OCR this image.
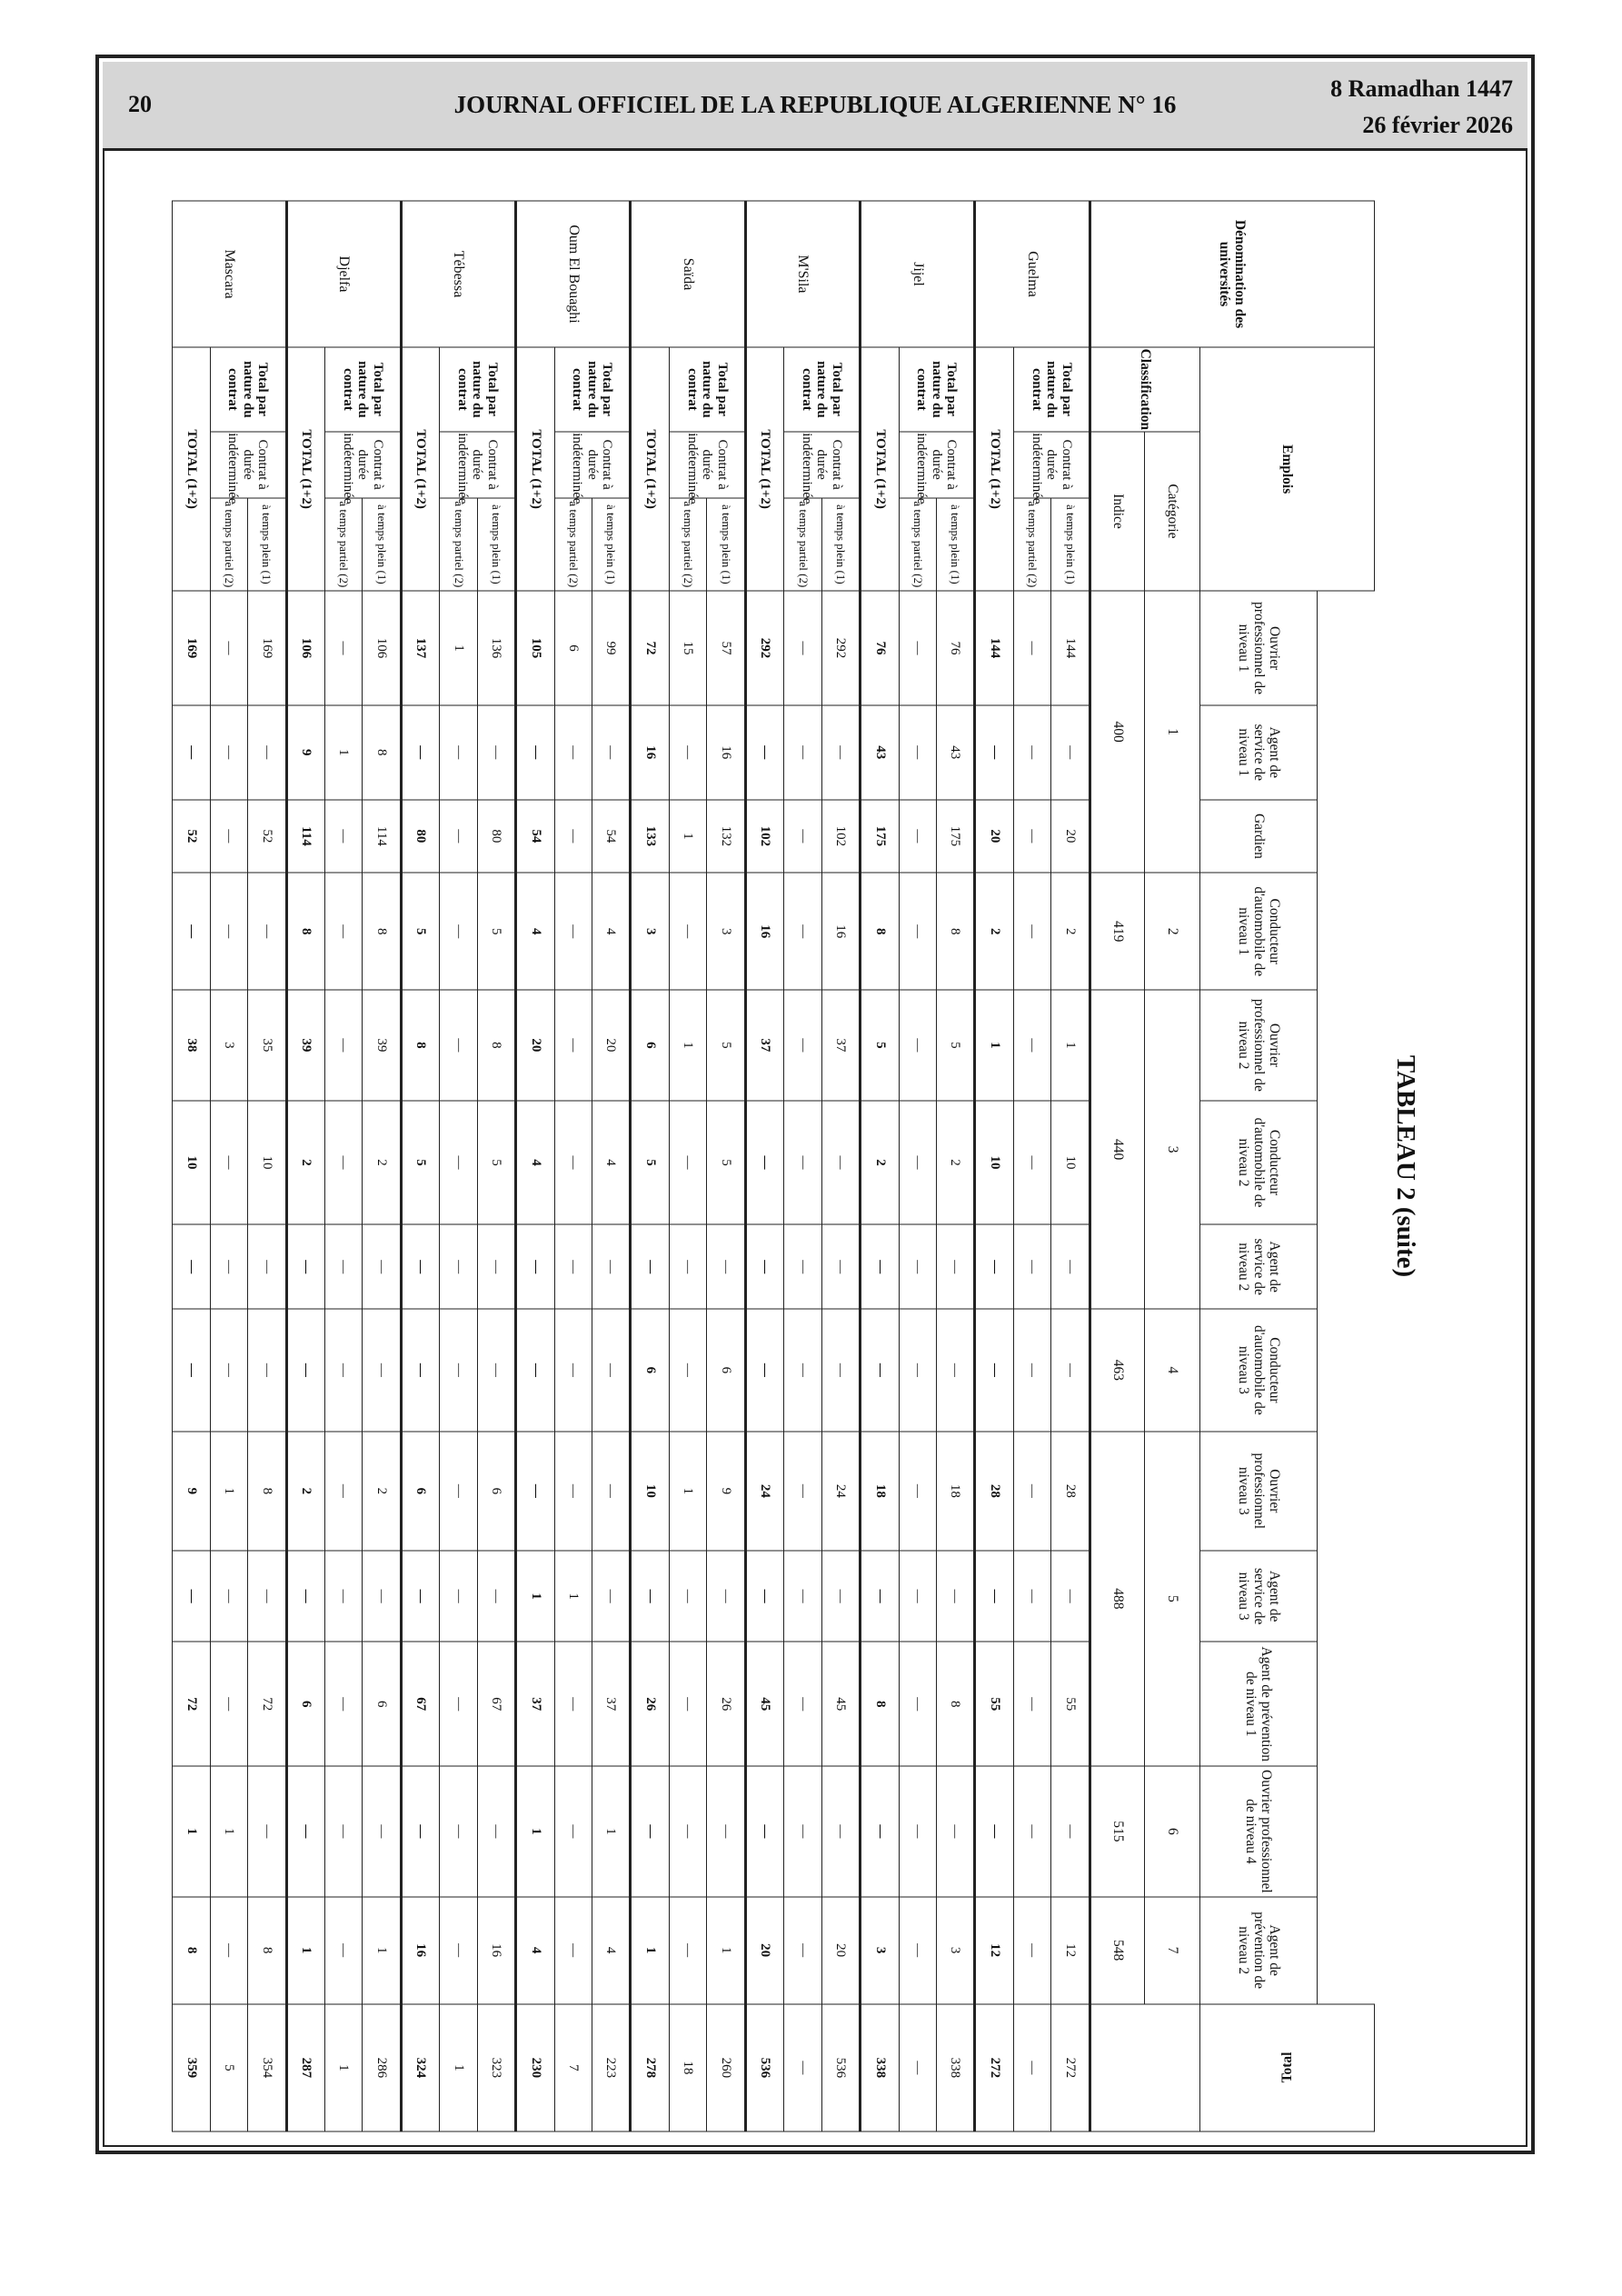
20	JOURNAL OFFICIEL DE LA REPUBLIQUE ALGERIENNE N° 16
8 Ramadhan 1447
26 février 2026
TABLEAU 2 (suite)
Dénomination des universités	Emplois																Total
				Ouvrier professionnel de niveau 1	Agent de service de niveau 1	Gardien	Conducteur d'automobile de niveau 1	Ouvrier professionnel de niveau 2	Conducteur d'automobile de niveau 2	Agent de service de niveau 2	Conducteur d'automobile de niveau 3	Ouvrier professionnel niveau 3	Agent de service de niveau 3	Agent de prévention de niveau 1	Ouvrier professionnel de niveau 4	Agent de prévention de niveau 2	
	Classification	Catégorie		1			2	3			4	5			6	7	
		Indice		400			419	440			463	488			515	548	
Guelma	Total par nature du contrat	Contrat à durée indéterminée	à temps plein (1)	144	—	20	2	1	10	—	—	28	—	55	—	12	272
			à temps partiel (2)	—	—	—	—	—	—	—	—	—	—	—	—	—	—
	TOTAL (1+2)			144	—	20	2	1	10	—	—	28	—	55	—	12	272
Jijel	Total par nature du contrat	Contrat à durée indéterminée	à temps plein (1)	76	43	175	8	5	2	—	—	18	—	8	—	3	338
			à temps partiel (2)	—	—	—	—	—	—	—	—	—	—	—	—	—	—
	TOTAL (1+2)			76	43	175	8	5	2	—	—	18	—	8	—	3	338
M'Sila	Total par nature du contrat	Contrat à durée indéterminée	à temps plein (1)	292	—	102	16	37	—	—	—	24	—	45	—	20	536
			à temps partiel (2)	—	—	—	—	—	—	—	—	—	—	—	—	—	—
	TOTAL (1+2)			292	—	102	16	37	—	—	—	24	—	45	—	20	536
Saïda	Total par nature du contrat	Contrat à durée indéterminée	à temps plein (1)	57	16	132	3	5	5	—	6	9	—	26	—	1	260
			à temps partiel (2)	15	—	1	—	1	—	—	—	1	—	—	—	—	18
	TOTAL (1+2)			72	16	133	3	6	5	—	6	10	—	26	—	1	278
Oum El Bouaghi	Total par nature du contrat	Contrat à durée indéterminée	à temps plein (1)	99	—	54	4	20	4	—	—	—	—	37	1	4	223
			à temps partiel (2)	6	—	—	—	—	—	—	—	—	1	—	—	—	7
	TOTAL (1+2)			105	—	54	4	20	4	—	—	—	1	37	1	4	230
Tébessa	Total par nature du contrat	Contrat à durée indéterminée	à temps plein (1)	136	—	80	5	8	5	—	—	6	—	67	—	16	323
			à temps partiel (2)	1	—	—	—	—	—	—	—	—	—	—	—	—	1
	TOTAL (1+2)			137	—	80	5	8	5	—	—	6	—	67	—	16	324
Djelfa	Total par nature du contrat	Contrat à durée indéterminée	à temps plein (1)	106	8	114	8	39	2	—	—	2	—	6	—	1	286
			à temps partiel (2)	—	1	—	—	—	—	—	—	—	—	—	—	—	1
	TOTAL (1+2)			106	9	114	8	39	2	—	—	2	—	6	—	1	287
Mascara	Total par nature du contrat	Contrat à durée indéterminée	à temps plein (1)	169	—	52	—	35	10	—	—	8	—	72	—	8	354
			à temps partiel (2)	—	—	—	—	3	—	—	—	1	—	—	1	—	5
	TOTAL (1+2)			169	—	52	—	38	10	—	—	9	—	72	1	8	359
